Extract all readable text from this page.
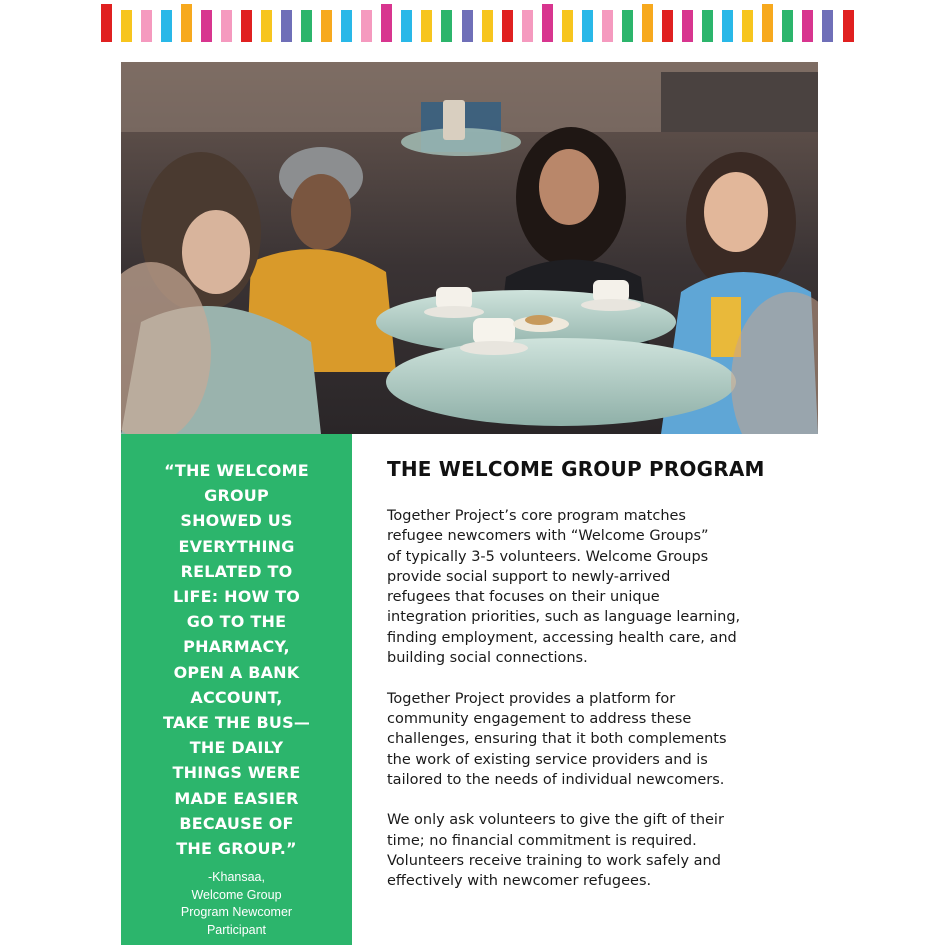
“THE WELCOME
GROUP
SHOWED US
EVERYTHING
RELATED TO
LIFE: HOW TO
GO TO THE
PHARMACY,
OPEN A BANK
ACCOUNT,
TAKE THE BUS—
THE DAILY
THINGS WERE
MADE EASIER
BECAUSE OF
THE GROUP.”
-Khansaa,
Welcome Group
Program Newcomer
Participant
THE WELCOME GROUP PROGRAM

Together Project’s core program matches
refugee newcomers with “Welcome Groups”
of typically 3-5 volunteers. Welcome Groups
provide social support to newly-arrived
refugees that focuses on their unique
integration priorities, such as language learning,
finding employment, accessing health care, and
building social connections.

Together Project provides a platform for
community engagement to address these
challenges, ensuring that it both complements
the work of existing service providers and is
tailored to the needs of individual newcomers.

We only ask volunteers to give the gift of their
time; no financial commitment is required.
Volunteers receive training to work safely and
effectively with newcomer refugees.
